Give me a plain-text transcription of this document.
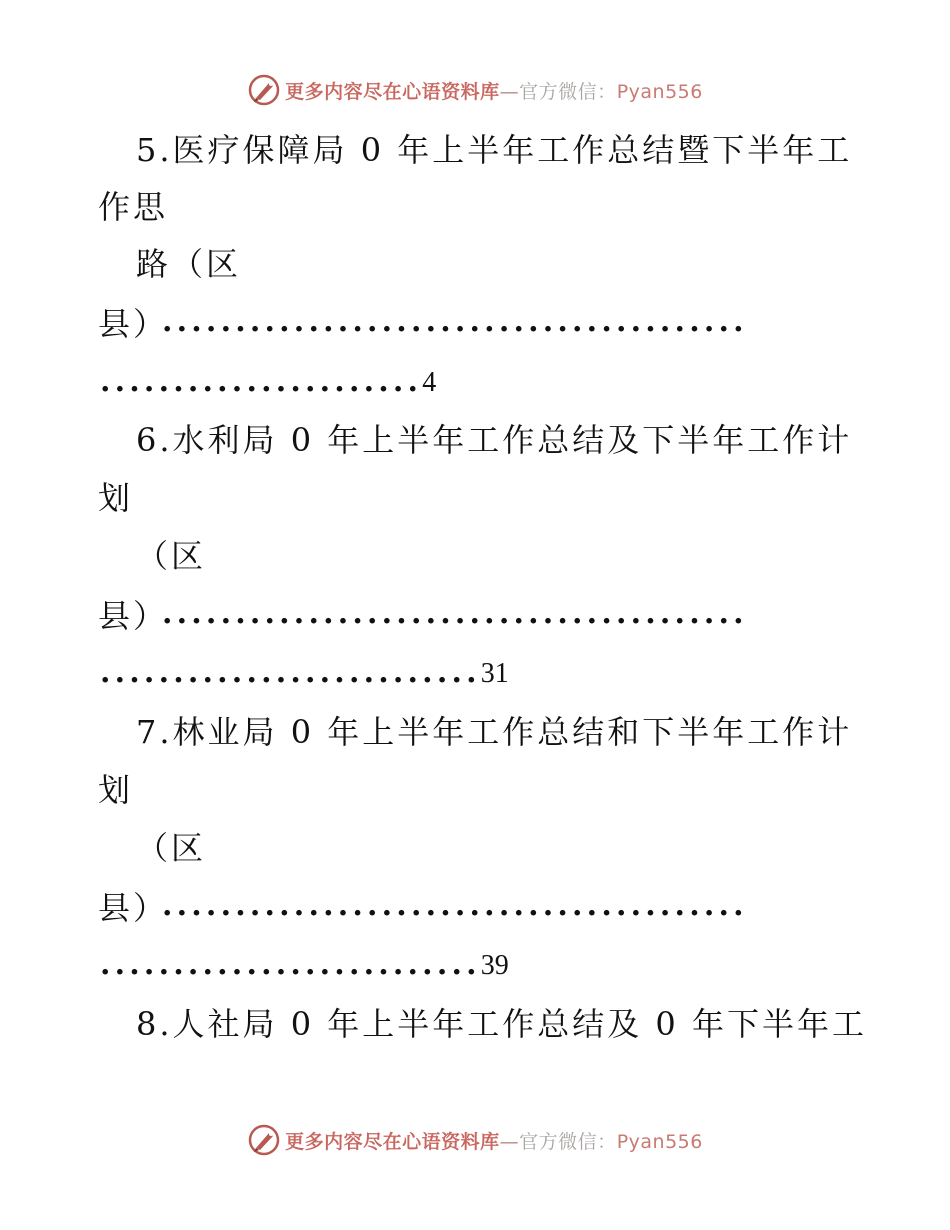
更多内容尽在心语资料库—官方微信：Pyan556
5.医疗保障局 0 年上半年工作总结暨下半年工
作思
路（区
县）
........................................
......................4
6.水利局 0 年上半年工作总结及下半年工作计
划
（区
县）
........................................
..........................31
7.林业局 0 年上半年工作总结和下半年工作计
划
（区
县）
........................................
..........................39
8.人社局 0 年上半年工作总结及 0 年下半年工
更多内容尽在心语资料库—官方微信：Pyan556
